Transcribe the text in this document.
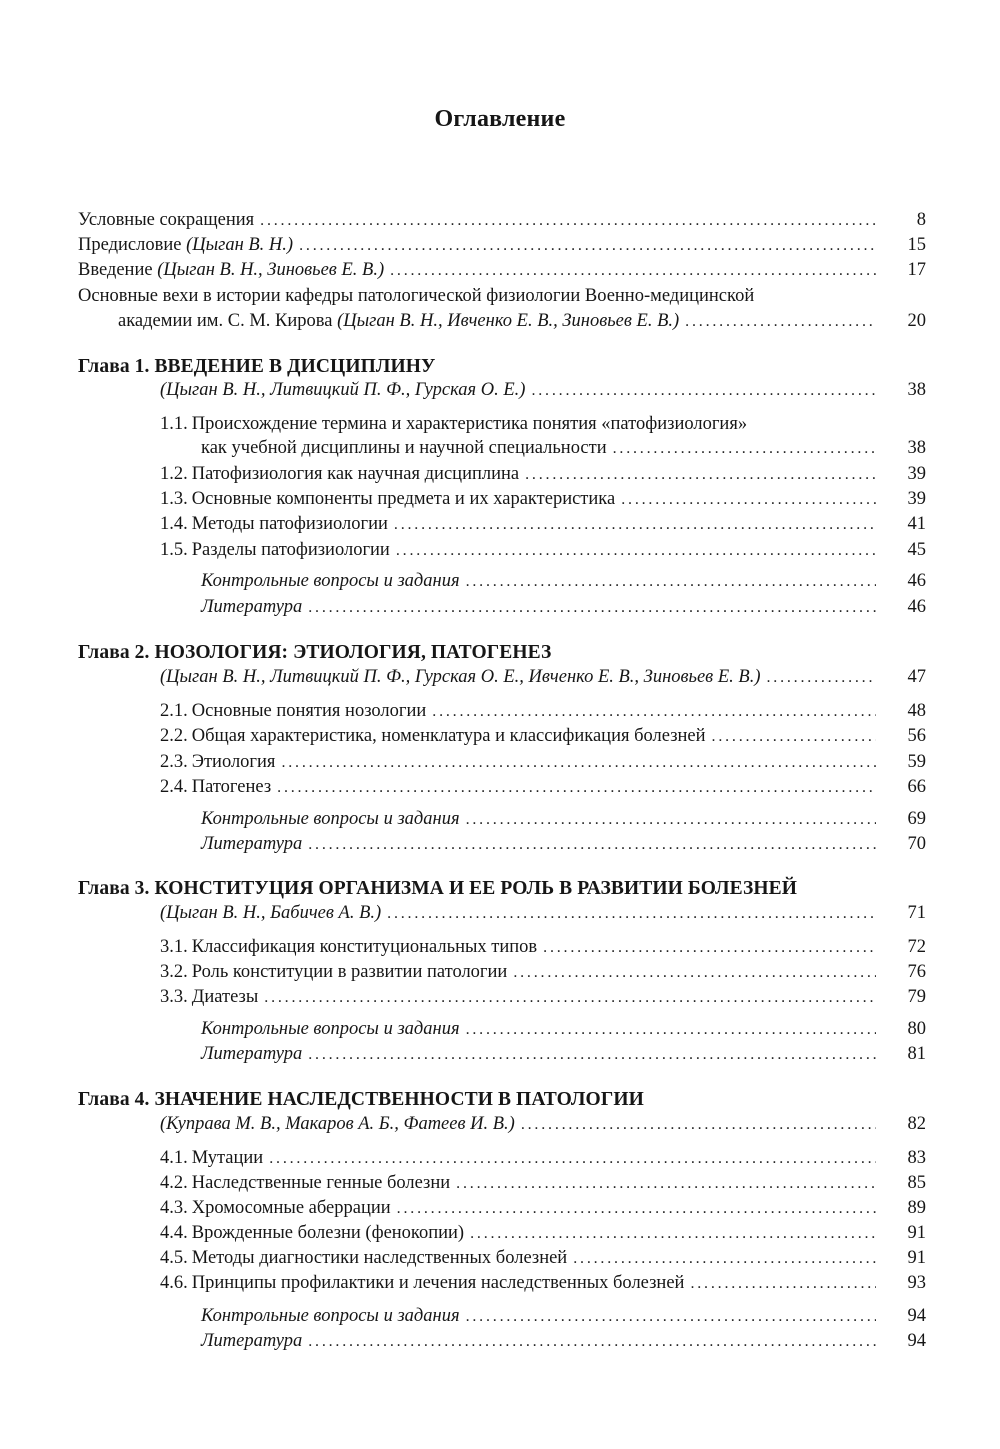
Оглавление
Условные сокращения . . .	8
Предисловие (Цыган В. Н.) . . .	15
Введение (Цыган В. Н., Зиновьев Е. В.) . . .	17
Основные вехи в истории кафедры патологической физиологии Военно-медицинской
академии им. С. М. Кирова (Цыган В. Н., Ивченко Е. В., Зиновьев Е. В.) . . .	20
Глава 1. ВВЕДЕНИЕ В ДИСЦИПЛИНУ
(Цыган В. Н., Литвицкий П. Ф., Гурская О. Е.) . . .	38
1.1. Происхождение термина и характеристика понятия «патофизиология»
как учебной дисциплины и научной специальности . . .	38
1.2. Патофизиология как научная дисциплина . . .	39
1.3. Основные компоненты предмета и их характеристика . . .	39
1.4. Методы патофизиологии . . .	41
1.5. Разделы патофизиологии . . .	45
Контрольные вопросы и задания . . .	46
Литература . . .	46
Глава 2. НОЗОЛОГИЯ: ЭТИОЛОГИЯ, ПАТОГЕНЕЗ
(Цыган В. Н., Литвицкий П. Ф., Гурская О. Е., Ивченко Е. В., Зиновьев Е. В.) . . .	47
2.1. Основные понятия нозологии . . .	48
2.2. Общая характеристика, номенклатура и классификация болезней . . .	56
2.3. Этиология . . .	59
2.4. Патогенез . . .	66
Контрольные вопросы и задания . . .	69
Литература . . .	70
Глава 3. КОНСТИТУЦИЯ ОРГАНИЗМА И ЕЕ РОЛЬ В РАЗВИТИИ БОЛЕЗНЕЙ
(Цыган В. Н., Бабичев А. В.) . . .	71
3.1. Классификация конституциональных типов . . .	72
3.2. Роль конституции в развитии патологии . . .	76
3.3. Диатезы . . .	79
Контрольные вопросы и задания . . .	80
Литература . . .	81
Глава 4. ЗНАЧЕНИЕ НАСЛЕДСТВЕННОСТИ В ПАТОЛОГИИ
(Куправа М. В., Макаров А. Б., Фатеев И. В.) . . .	82
4.1. Мутации . . .	83
4.2. Наследственные генные болезни . . .	85
4.3. Хромосомные аберрации . . .	89
4.4. Врожденные болезни (фенокопии) . . .	91
4.5. Методы диагностики наследственных болезней . . .	91
4.6. Принципы профилактики и лечения наследственных болезней . . .	93
Контрольные вопросы и задания . . .	94
Литература . . .	94
